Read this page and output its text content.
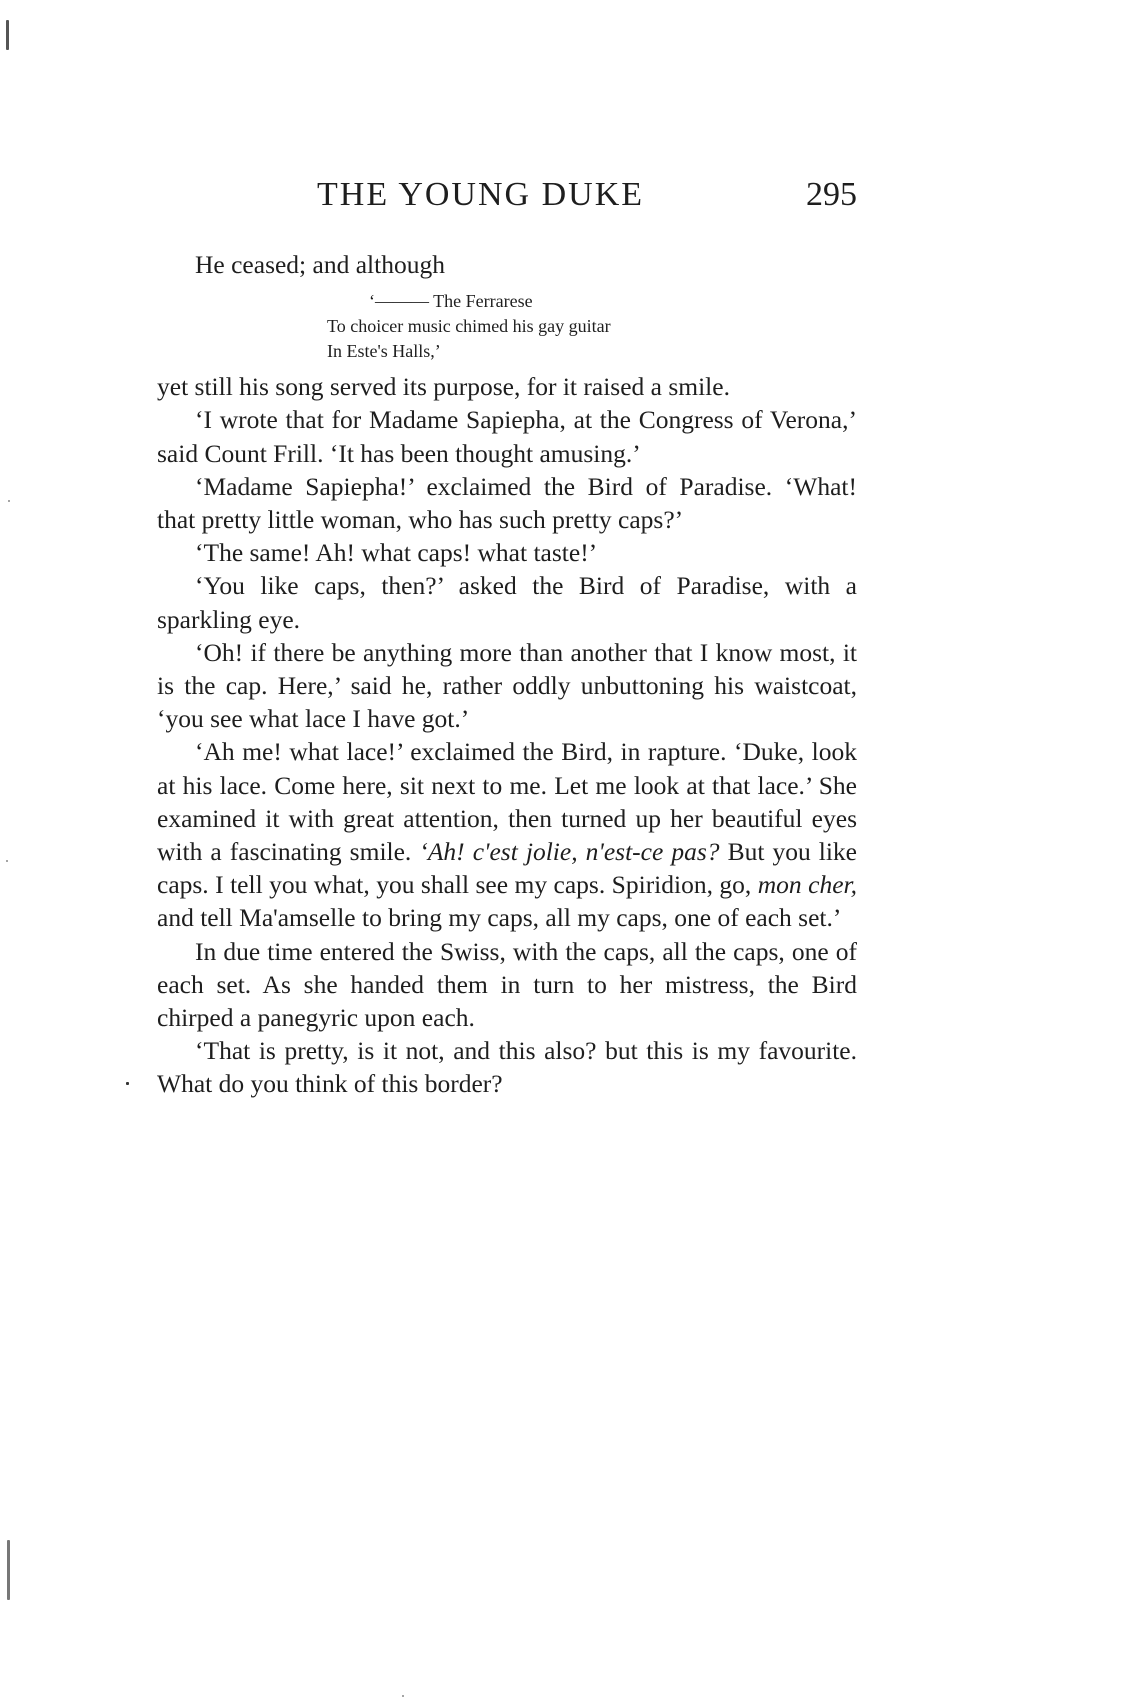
THE YOUNG DUKE	295

He ceased; and although

‘——— The Ferrarese
To choicer music chimed his gay guitar
In Este's Halls,’

yet still his song served its purpose, for it raised a smile.

‘I wrote that for Madame Sapiepha, at the Congress of Verona,’ said Count Frill. ‘It has been thought amusing.’

‘Madame Sapiepha!’ exclaimed the Bird of Paradise. ‘What! that pretty little woman, who has such pretty caps?’

‘The same! Ah! what caps! what taste!’

‘You like caps, then?’ asked the Bird of Paradise, with a sparkling eye.

‘Oh! if there be anything more than another that I know most, it is the cap. Here,’ said he, rather oddly unbuttoning his waistcoat, ‘you see what lace I have got.’

‘Ah me! what lace!’ exclaimed the Bird, in rapture. ‘Duke, look at his lace. Come here, sit next to me. Let me look at that lace.’ She examined it with great attention, then turned up her beautiful eyes with a fascinating smile. ‘Ah! c'est jolie, n'est-ce pas? But you like caps. I tell you what, you shall see my caps. Spiridion, go, mon cher, and tell Ma'amselle to bring my caps, all my caps, one of each set.’

In due time entered the Swiss, with the caps, all the caps, one of each set. As she handed them in turn to her mistress, the Bird chirped a panegyric upon each.

‘That is pretty, is it not, and this also? but this is my favourite. What do you think of this border?
